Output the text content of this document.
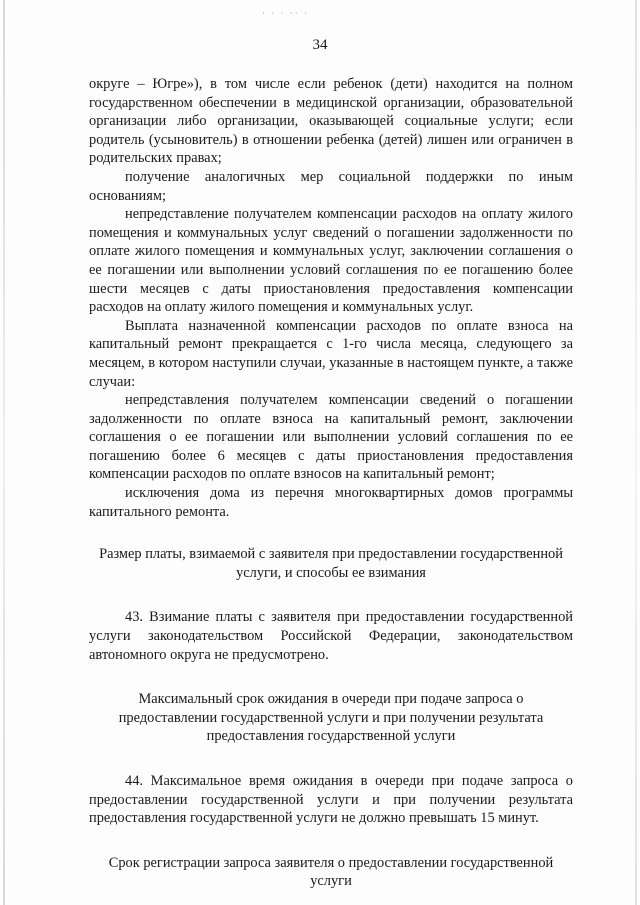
· · · ·· ·
34

округе – Югре»), в том числе если ребенок (дети) находится на полном государственном обеспечении в медицинской организации, образовательной организации либо организации, оказывающей социальные услуги; если родитель (усыновитель) в отношении ребенка (детей) лишен или ограничен в родительских правах;

получение аналогичных мер социальной поддержки по иным основаниям;

непредставление получателем компенсации расходов на оплату жилого помещения и коммунальных услуг сведений о погашении задолженности по оплате жилого помещения и коммунальных услуг, заключении соглашения о ее погашении или выполнении условий соглашения по ее погашению более шести месяцев с даты приостановления предоставления компенсации расходов на оплату жилого помещения и коммунальных услуг.

Выплата назначенной компенсации расходов по оплате взноса на капитальный ремонт прекращается с 1-го числа месяца, следующего за месяцем, в котором наступили случаи, указанные в настоящем пункте, а также случаи:

непредставления получателем компенсации сведений о погашении задолженности по оплате взноса на капитальный ремонт, заключении соглашения о ее погашении или выполнении условий соглашения по ее погашению более 6 месяцев с даты приостановления предоставления компенсации расходов по оплате взносов на капитальный ремонт;

исключения дома из перечня многоквартирных домов программы капитального ремонта.

Размер платы, взимаемой с заявителя при предоставлении государственной услуги, и способы ее взимания

43. Взимание платы с заявителя при предоставлении государственной услуги законодательством Российской Федерации, законодательством автономного округа не предусмотрено.

Максимальный срок ожидания в очереди при подаче запроса о предоставлении государственной услуги и при получении результата предоставления государственной услуги

44. Максимальное время ожидания в очереди при подаче запроса о предоставлении государственной услуги и при получении результата предоставления государственной услуги не должно превышать 15 минут.

Срок регистрации запроса заявителя о предоставлении государственной услуги
